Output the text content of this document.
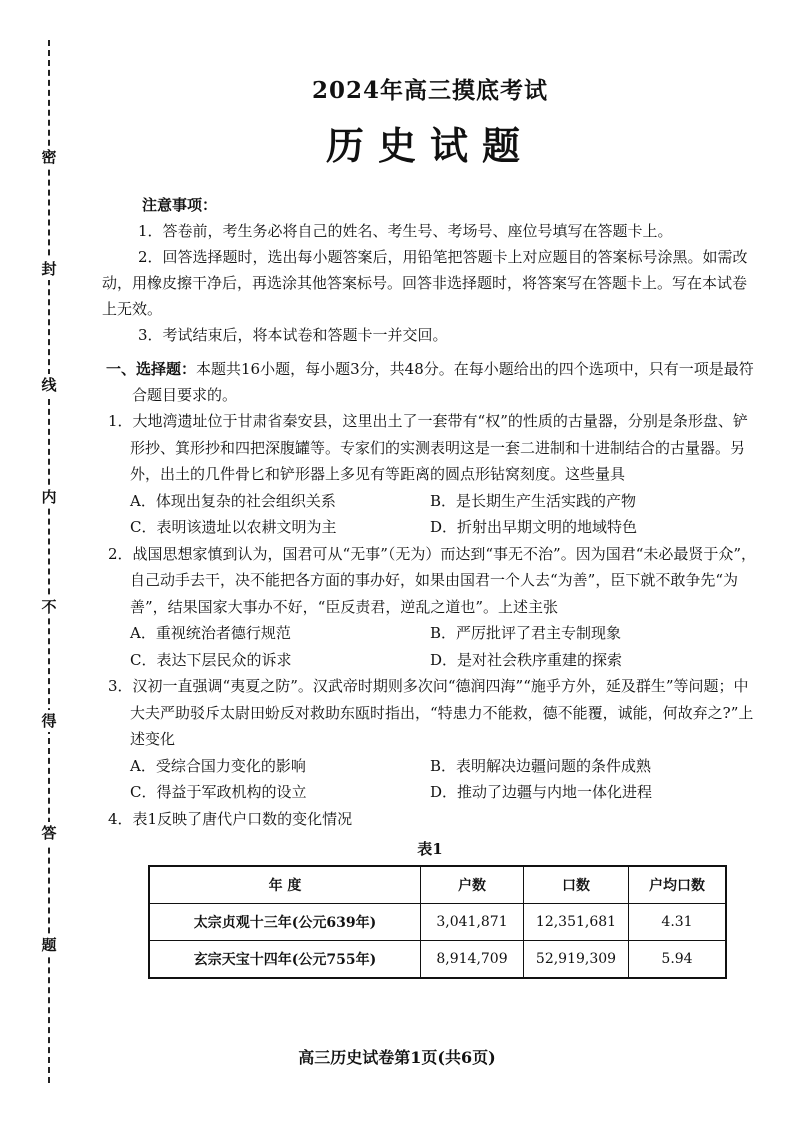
密
封
线
内
不
得
答
题
2024年高三摸底考试
历史试题

注意事项：

1．答卷前，考生务必将自己的姓名、考生号、考场号、座位号填写在答题卡上。

2．回答选择题时，选出每小题答案后，用铅笔把答题卡上对应题目的答案标号涂黑。如需改动，用橡皮擦干净后，再选涂其他答案标号。回答非选择题时，将答案写在答题卡上。写在本试卷上无效。

3．考试结束后，将本试卷和答题卡一并交回。

一、选择题：本题共16小题，每小题3分，共48分。在每小题给出的四个选项中，只有一项是最符合题目要求的。

1．大地湾遗址位于甘肃省秦安县，这里出土了一套带有“权”的性质的古量器，分别是条形盘、铲形抄、箕形抄和四把深腹罐等。专家们的实测表明这是一套二进制和十进制结合的古量器。另外，出土的几件骨匕和铲形器上多见有等距离的圆点形钻窝刻度。这些量具

A．体现出复杂的社会组织关系	B．是长期生产生活实践的产物
C．表明该遗址以农耕文明为主	D．折射出早期文明的地域特色

2．战国思想家慎到认为，国君可从“无事”（无为）而达到“事无不治”。因为国君“未必最贤于众”，自己动手去干，决不能把各方面的事办好，如果由国君一个人去“为善”，臣下就不敢争先“为善”，结果国家大事办不好，“臣反责君，逆乱之道也”。上述主张

A．重视统治者德行规范	B．严厉批评了君主专制现象
C．表达下层民众的诉求	D．是对社会秩序重建的探索

3．汉初一直强调“夷夏之防”。汉武帝时期则多次问“德润四海”“施乎方外，延及群生”等问题；中大夫严助驳斥太尉田蚡反对救助东瓯时指出，“特患力不能救，德不能覆，诚能，何故弃之?”上述变化

A．受综合国力变化的影响	B．表明解决边疆问题的条件成熟
C．得益于军政机构的设立	D．推动了边疆与内地一体化进程

4．表1反映了唐代户口数的变化情况

表1
年 度	户数	口数	户均口数
太宗贞观十三年(公元639年)	3,041,871	12,351,681	4.31
玄宗天宝十四年(公元755年)	8,914,709	52,919,309	5.94
高三历史试卷第1页(共6页)
